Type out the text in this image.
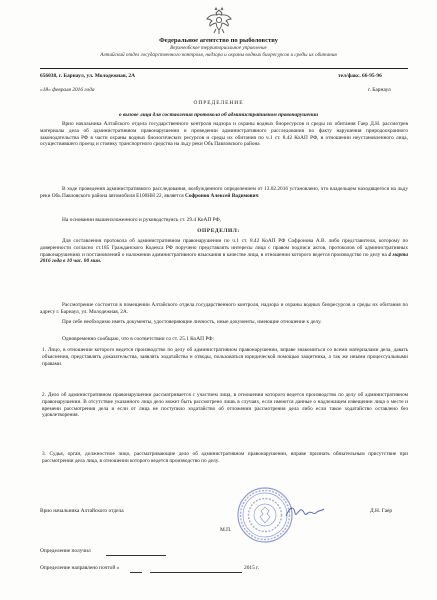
Федеральное агентство по рыболовству
Верхнеобское территориальное управление
Алтайский отдел государственного контроля, надзора и охраны водных биоресурсов и среды их обитания
656038, г. Барнаул, ул. Молодежная, 2А	тел/факс. 66-95-96
«18» февраля 2016 года	г. Барнаул
ОПРЕДЕЛЕНИЕ
о вызове лица для составления протокола об административном правонарушении

Врио начальника Алтайского отдела государственного контроля надзора и охраны водных биоресурсов и среды их обитания Гаер Д.Н. рассмотрев материалы дела об административном правонарушении и проведении административного расследования по факту нарушения природоохранного законодательства РФ в части охраны водных биологических ресурсов и среды их обитания по ч.1 ст. 8.42 КоАП РФ, в отношении неустановленного лица, осуществившего проезд и стоянку транспортного средства на льду реки Обь Павловского района

В ходе проведения административного расследования, возбужденного определением от 13.02.2016 установлено, что владельцем находящегося на льду реки Обь Павловского района автомобиля Е100НН 22, является Софронов Алексей Вадимович

На основании вышеизложенного и руководствуясь ст. 29.4 КоАП РФ,
ОПРЕДЕЛИЛ:

Для составления протокола об административном правонарушении по ч.1 ст. 8.42 КоАП РФ Софронова А.В. либо представителя, которому по доверенности согласно ст.185 Гражданского Кодекса РФ поручено представлять интересы лица с правом подписи актов, протоколов об административных правонарушениях и постановлений о наложении административного взыскания в качестве лица, в отношении которого ведется производство по делу на 4 марта 2016 года в 10 час. 00 мин.

Рассмотрение состоится в помещении Алтайского отдела государственного контроля, надзора и охраны водных биоресурсов и среды их обитания по адресу г. Барнаул, ул. Молодежная, 2А.

При себе необходимо иметь документы, удостоверяющие личность, иные документы, имеющие отношение к делу.

Одновременно сообщаю, что в соответствии со ст. 25.1 КоАП РФ:

1. Лицо, в отношении которого ведется производство по делу об административном правонарушении, вправе знакомиться со всеми материалами дела, давать объяснения, представлять доказательства, заявлять ходатайства и отводы, пользоваться юридической помощью защитника, а так же иными процессуальными правами.

2. Дело об административном правонарушении рассматривается с участием лица, в отношении которого ведется производство по делу об административном правонарушении. В отсутствие указанного лица дело может быть рассмотрено лишь в случаях, если имеются данные о надлежащем извещении лица о месте и времени рассмотрения дела и если от лица не поступило ходатайство об отложении рассмотрения дела либо если такое ходатайство оставлено без удовлетворения.

3. Судья, орган, должностное лицо, рассматривающие дело об административном правонарушении, вправе признать обязательным присутствие при рассмотрении дела лица, в отношении которого ведется производство по делу.

Врио начальника Алтайского отдела	Д.Н. Гаер
М.П.
Определение получил
Определение направлено почтой «	2015 г.
